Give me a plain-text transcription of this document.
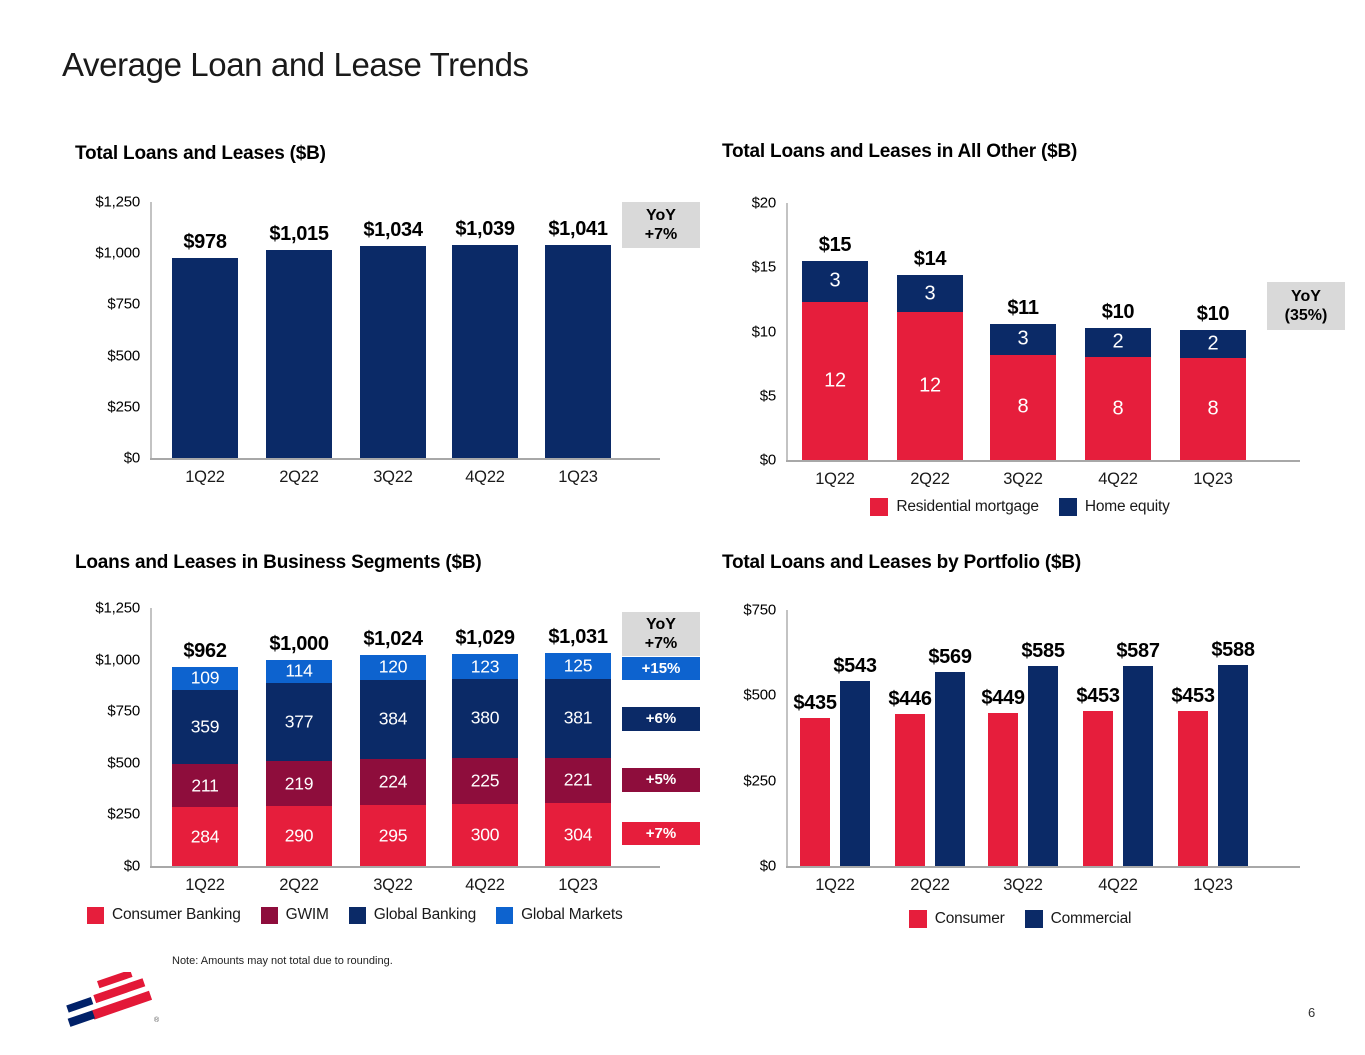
Average Loan and Lease Trends
Total Loans and Leases ($B)
$0
$250
$500
$750
$1,000
$1,250
1Q22	2Q22	3Q22	4Q22	1Q23
$978	$1,015	$1,034	$1,039	$1,041
YoY
+7%
Total Loans and Leases in All Other ($B)
$0
$5
$10
$15
$20
1Q22	2Q22	3Q22	4Q22	1Q23
12
3
$15
12
3
$14
8
3
$11
8
2
$10
8
2
$10
YoY
(35%)
Residential mortgage	Home equity
Loans and Leases in Business Segments ($B)
$0
$250
$500
$750
$1,000
$1,250
1Q22	2Q22	3Q22	4Q22	1Q23
284
211
359
109
$962
290
219
377
114
$1,000
295
224
384
120
$1,024
300
225
380
123
$1,029
304
221
381
125
$1,031
YoY
+7%
+15%
+6%
+5%
+7%
Consumer Banking	GWIM	Global Banking	Global Markets
Total Loans and Leases by Portfolio ($B)
$0
$250
$500
$750
1Q22	2Q22	3Q22	4Q22	1Q23
$435
$543
$446
$569
$449
$585
$453
$587
$453
$588
Consumer	Commercial
Note: Amounts may not total due to rounding.
®
6
